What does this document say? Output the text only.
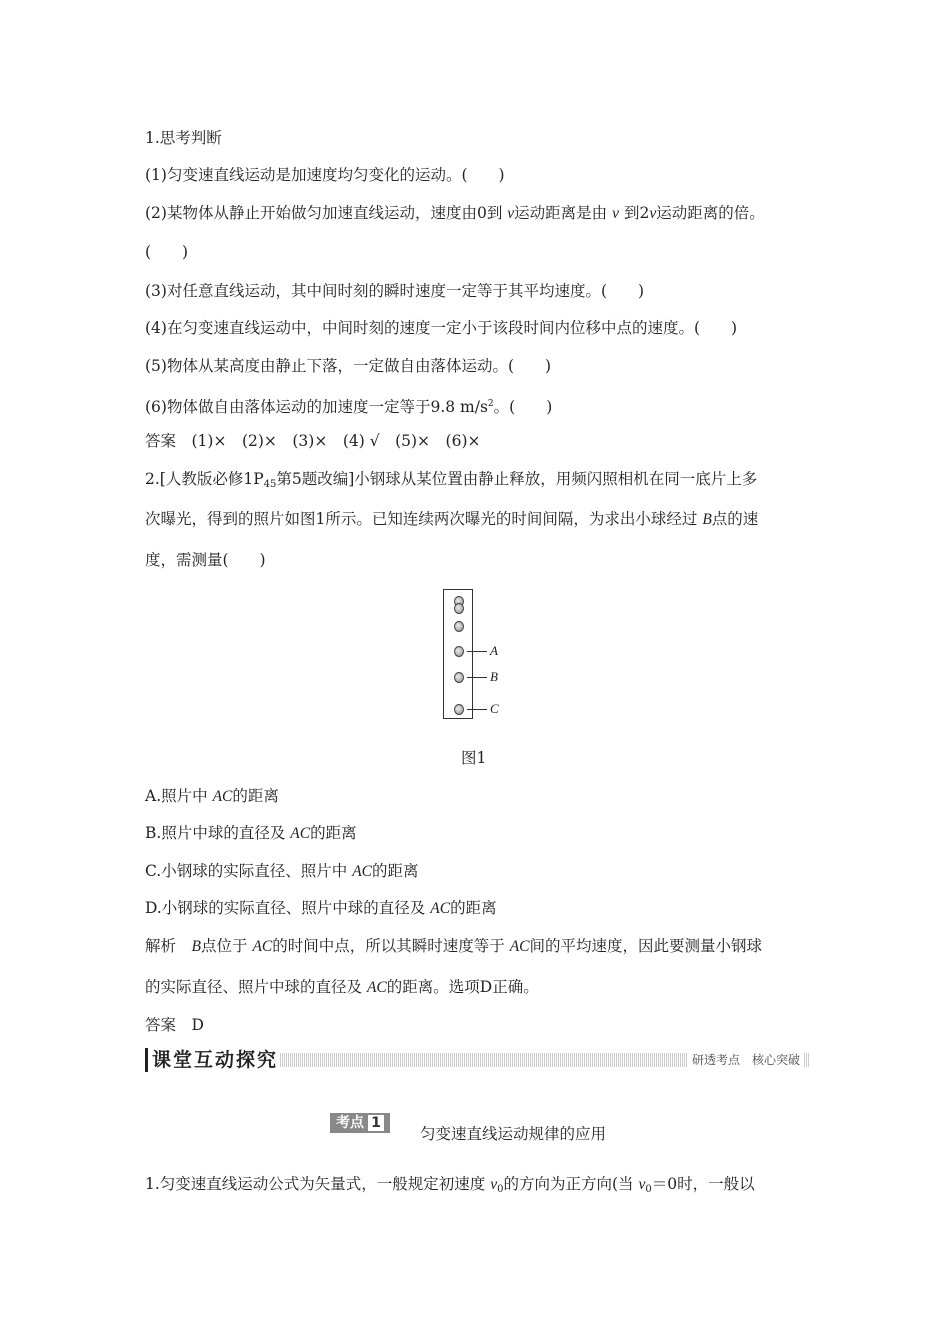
1.思考判断
(1)匀变速直线运动是加速度均匀变化的运动。(　　)
(2)某物体从静止开始做匀加速直线运动，速度由0到 v运动距离是由 v 到2v运动距离的倍。
(　　)
(3)对任意直线运动，其中间时刻的瞬时速度一定等于其平均速度。(　　)
(4)在匀变速直线运动中，中间时刻的速度一定小于该段时间内位移中点的速度。(　　)
(5)物体从某高度由静止下落，一定做自由落体运动。(　　)
(6)物体做自由落体运动的加速度一定等于9.8 $m/s^2$。(　　)
答案　(1)×　(2)×　(3)×　(4) √　(5)×　(6)×
2.[人教版必修1P45第5题改编]小钢球从某位置由静止释放，用频闪照相机在同一底片上多
次曝光，得到的照片如图1所示。已知连续两次曝光的时间间隔，为求出小球经过 B点的速
度，需测量(　　)
A
B
C
图1
A.照片中 AC的距离
B.照片中球的直径及 AC的距离
C.小钢球的实际直径、照片中 AC的距离
D.小钢球的实际直径、照片中球的直径及 AC的距离
解析　B点位于 AC的时间中点，所以其瞬时速度等于 AC间的平均速度，因此要测量小钢球
的实际直径、照片中球的直径及 AC的距离。选项D正确。
答案　D
课堂互动探究	研透考点　核心突破
考点 1
匀变速直线运动规律的应用
1.匀变速直线运动公式为矢量式，一般规定初速度 v0的方向为正方向(当 v0＝0时，一般以
